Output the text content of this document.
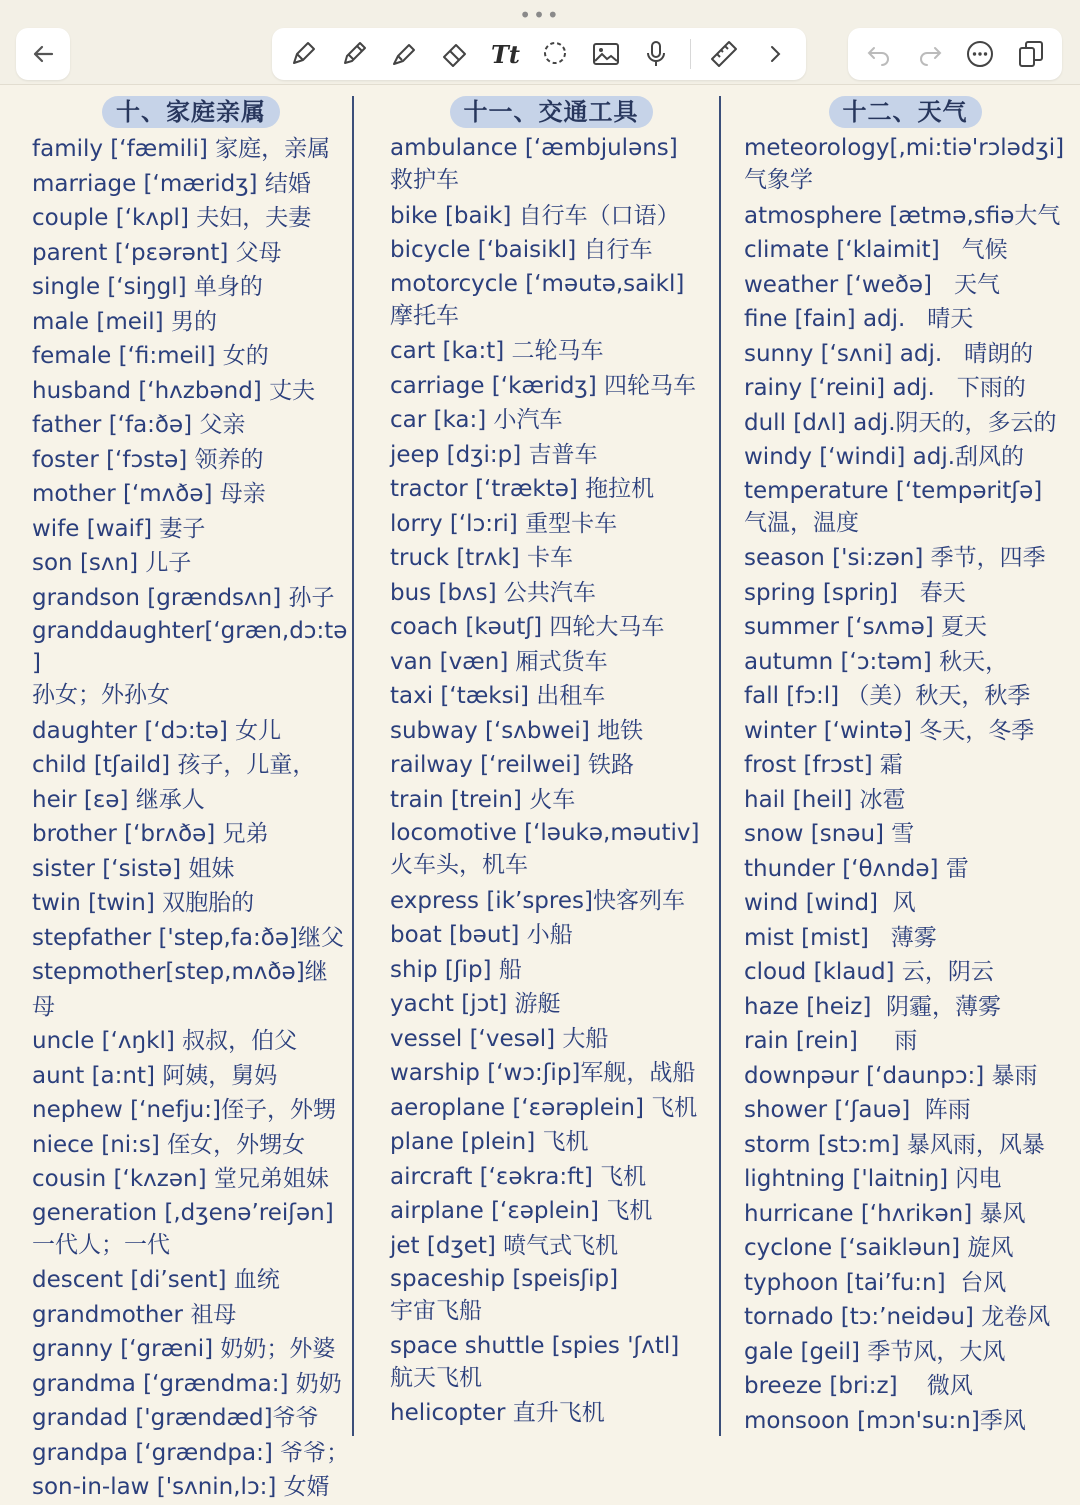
•••
Tt
十、家庭亲属
family [‘fæmili] 家庭，亲属
marriage [‘mæridʒ] 结婚
couple [‘kʌpl] 夫妇，夫妻
parent [‘pɛərənt] 父母
single [‘siŋgl] 单身的
male [meil] 男的
female [‘fi:meil] 女的
husband [‘hʌzbənd] 丈夫
father [‘fa:ðə] 父亲
foster [‘fɔstə] 领养的
mother [‘mʌðə] 母亲
wife [waif] 妻子
son [sʌn] 儿子
grandson [grændsʌn] 孙子
granddaughter[‘græn,dɔ:tə]
孙女；外孙女
daughter [‘dɔ:tə] 女儿
child [tʃaild] 孩子，儿童，
heir [ɛə] 继承人
brother [‘brʌðə] 兄弟
sister [‘sistə] 姐妹
twin [twin] 双胞胎的
stepfather ['step,fa:ðə]继父
stepmother[step,mʌðə]继母
uncle [‘ʌŋkl] 叔叔，伯父
aunt [a:nt] 阿姨，舅妈
nephew [‘nefju:]侄子，外甥
niece [ni:s] 侄女，外甥女
cousin [‘kʌzən] 堂兄弟姐妹
generation [,dʒenə’reiʃən]
一代人；一代
descent [di’sent] 血统
grandmother 祖母
granny [‘græni] 奶奶；外婆
grandma [‘grændma:] 奶奶
grandad ['grændæd]爷爷
grandpa [‘grændpa:] 爷爷；
son-in-law ['sʌnin,lɔ:] 女婿
十一、交通工具
ambulance [‘æmbjuləns]
救护车
bike [baik] 自行车（口语）
bicycle [‘baisikl] 自行车
motorcycle [‘məutə,saikl]
摩托车
cart [ka:t] 二轮马车
carriage [‘kæridʒ] 四轮马车
car [ka:] 小汽车
jeep [dʒi:p] 吉普车
tractor [‘træktə] 拖拉机
lorry [‘lɔ:ri] 重型卡车
truck [trʌk] 卡车
bus [bʌs] 公共汽车
coach [kəutʃ] 四轮大马车
van [væn] 厢式货车
taxi [‘tæksi] 出租车
subway [‘sʌbwei] 地铁
railway [‘reilwei] 铁路
train [trein] 火车
locomotive [‘ləukə,məutiv]
火车头，机车
express [ik’spres]快客列车
boat [bəut] 小船
ship [ʃip] 船
yacht [jɔt] 游艇
vessel [‘vesəl] 大船
warship [‘wɔ:ʃip]军舰，战船
aeroplane [‘ɛərəplein] 飞机
plane [plein] 飞机
aircraft [‘ɛəkra:ft] 飞机
airplane [‘ɛəplein] 飞机
jet [dʒet] 喷气式飞机
spaceship [speisʃip]
宇宙飞船
space shuttle [spies 'ʃʌtl]
航天飞机
helicopter 直升飞机
十二、天气
meteorology[,mi:tiə'rɔlədʒi]
气象学
atmosphere [ætmə,sfiə大气
climate [‘klaimit]   气候
weather [‘weðə]   天气
fine [fain] adj.   晴天
sunny [‘sʌni] adj.   晴朗的
rainy [‘reini] adj.   下雨的
dull [dʌl] adj.阴天的，多云的
windy [‘windi] adj.刮风的
temperature [‘tempəritʃə]
气温，温度
season ['si:zən] 季节，四季
spring [spriŋ]   春天
summer [‘sʌmə] 夏天
autumn [‘ɔ:təm] 秋天，
fall [fɔ:l] （美）秋天，秋季
winter [‘wintə] 冬天，冬季
frost [frɔst] 霜
hail [heil] 冰雹
snow [snəu] 雪
thunder [‘θʌndə] 雷
wind [wind]  风
mist [mist]   薄雾
cloud [klaud] 云，阴云
haze [heiz]  阴霾，薄雾
rain [rein]     雨
downpəur [‘daunpɔ:] 暴雨
shower [‘ʃauə]  阵雨
storm [stɔ:m] 暴风雨，风暴
lightning ['laitniŋ] 闪电
hurricane [‘hʌrikən] 暴风
cyclone [‘saikləun] 旋风
typhoon [tai’fu:n]  台风
tornado [tɔ:’neidəu] 龙卷风
gale [geil] 季节风，大风
breeze [bri:z]    微风
monsoon [mɔn'su:n]季风
